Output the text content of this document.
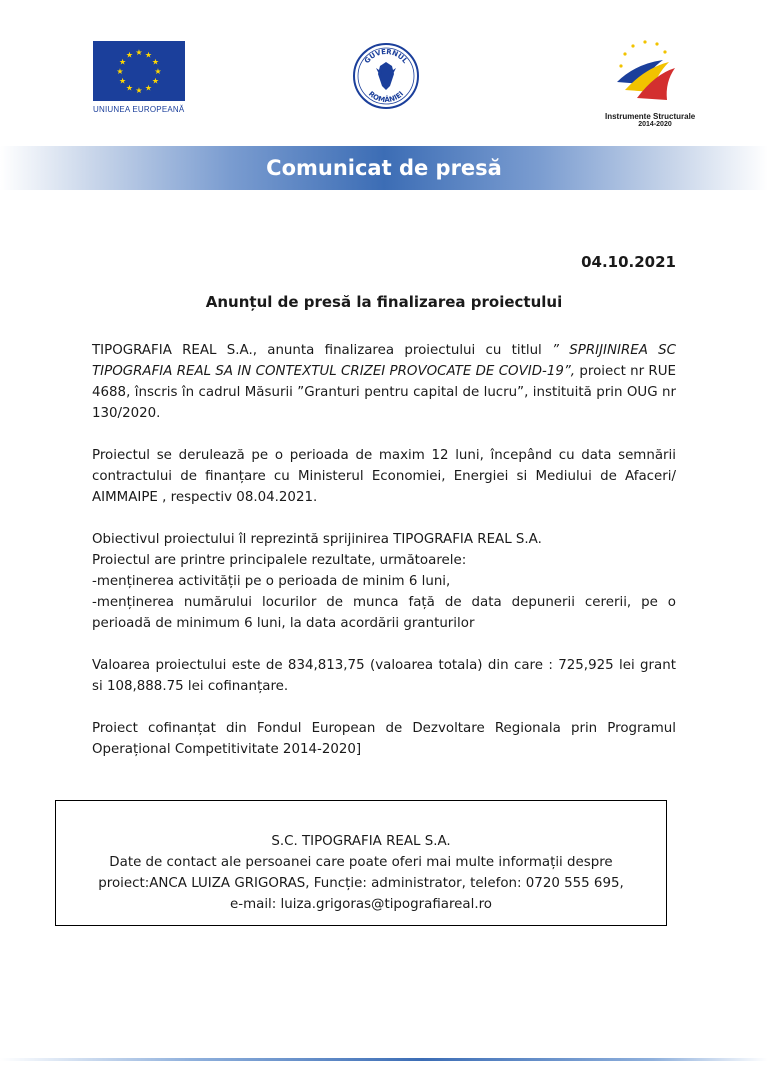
★ ★
★
★
★
★
★
★
★
★
★
★
UNIUNEA EUROPEANĂ
GUVERNUL
ROMÂNIEI
Instrumente Structurale
2014-2020
Comunicat de presă
04.10.2021
Anunțul de presă la finalizarea proiectului

TIPOGRAFIA REAL S.A., anunta finalizarea proiectului cu titlul ” SPRIJINIREA SC TIPOGRAFIA REAL SA IN CONTEXTUL CRIZEI PROVOCATE DE COVID-19”, proiect nr RUE 4688, înscris în cadrul Măsurii ”Granturi pentru capital de lucru”, instituită prin OUG nr 130/2020.

Proiectul se derulează pe o perioada de maxim 12 luni, începând cu data semnării contractului de finanțare cu Ministerul Economiei, Energiei si Mediului de Afaceri/ AIMMAIPE , respectiv 08.04.2021.

Obiectivul proiectului îl reprezintă sprijinirea TIPOGRAFIA REAL S.A.
Proiectul are printre principalele rezultate, următoarele:
-menținerea activității pe o perioada de minim 6 luni,
-menținerea numărului locurilor de munca față de data depunerii cererii, pe o perioadă de minimum 6 luni, la data acordării granturilor

Valoarea proiectului este de 834,813,75 (valoarea totala) din care : 725,925 lei grant si 108,888.75 lei cofinanțare.

Proiect cofinanțat din Fondul European de Dezvoltare Regionala prin Programul Operațional Competitivitate 2014-2020]

S.C. TIPOGRAFIA REAL S.A.
Date de contact ale persoanei care poate oferi mai multe informații despre proiect:ANCA LUIZA GRIGORAS, Funcție: administrator, telefon: 0720 555 695,
e-mail: luiza.grigoras@tipografiareal.ro
